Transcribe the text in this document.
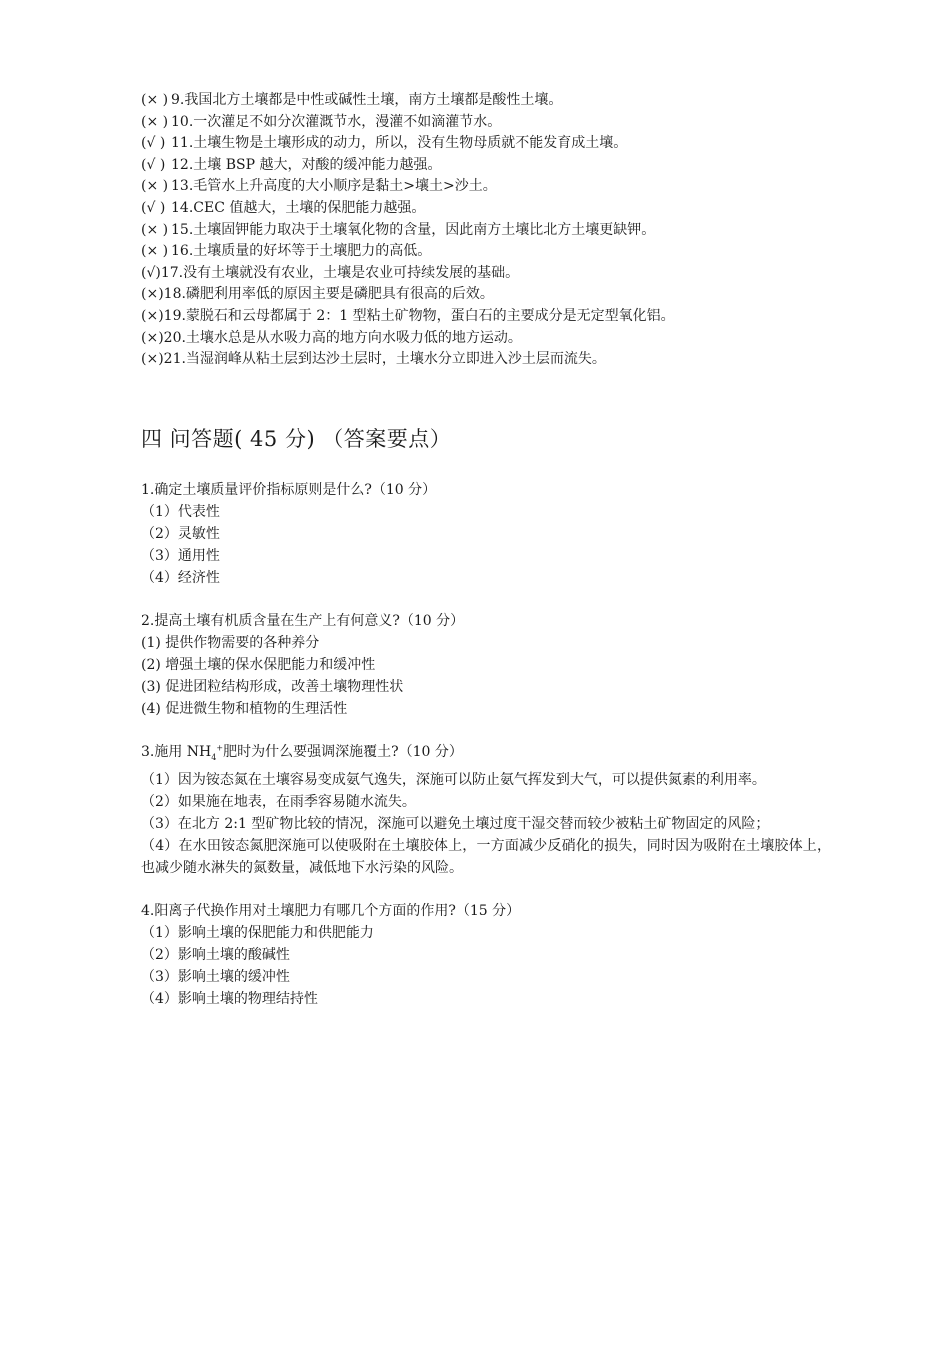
(× ) 9.我国北方土壤都是中性或碱性土壤，南方土壤都是酸性土壤。
(× ) 10.一次灌足不如分次灌溉节水，漫灌不如滴灌节水。
(√ ) 11.土壤生物是土壤形成的动力，所以，没有生物母质就不能发育成土壤。
(√ ) 12.土壤 BSP 越大，对酸的缓冲能力越强。
(× ) 13.毛管水上升高度的大小顺序是黏土>壤土>沙土。
(√ ) 14.CEC 值越大，土壤的保肥能力越强。
(× ) 15.土壤固钾能力取决于土壤氧化物的含量，因此南方土壤比北方土壤更缺钾。
(× ) 16.土壤质量的好坏等于土壤肥力的高低。
(√)17.没有土壤就没有农业，土壤是农业可持续发展的基础。
(×)18.磷肥利用率低的原因主要是磷肥具有很高的后效。
(×)19.蒙脱石和云母都属于 2：1 型粘土矿物物，蛋白石的主要成分是无定型氧化铝。
(×)20.土壤水总是从水吸力高的地方向水吸力低的地方运动。
(×)21.当湿润峰从粘土层到达沙土层时，土壤水分立即进入沙土层而流失。
四 问答题( 45 分) （答案要点）
1.确定土壤质量评价指标原则是什么?（10 分）
（1）代表性
（2）灵敏性
（3）通用性
（4）经济性
2.提高土壤有机质含量在生产上有何意义?（10 分）
(1) 提供作物需要的各种养分
(2) 增强土壤的保水保肥能力和缓冲性
(3) 促进团粒结构形成，改善土壤物理性状
(4) 促进微生物和植物的生理活性
3.施用 $NH_4^+$肥时为什么要强调深施覆土?（10 分）
（1）因为铵态氮在土壤容易变成氨气逸失，深施可以防止氨气挥发到大气，可以提供氮素的利用率。
（2）如果施在地表，在雨季容易随水流失。
（3）在北方 2:1 型矿物比较的情况，深施可以避免土壤过度干湿交替而较少被粘土矿物固定的风险；
（4）在水田铵态氮肥深施可以使吸附在土壤胶体上，一方面减少反硝化的损失，同时因为吸附在土壤胶体上，也减少随水淋失的氮数量，减低地下水污染的风险。
4.阳离子代换作用对土壤肥力有哪几个方面的作用?（15 分）
（1）影响土壤的保肥能力和供肥能力
（2）影响土壤的酸碱性
（3）影响土壤的缓冲性
（4）影响土壤的物理结持性
